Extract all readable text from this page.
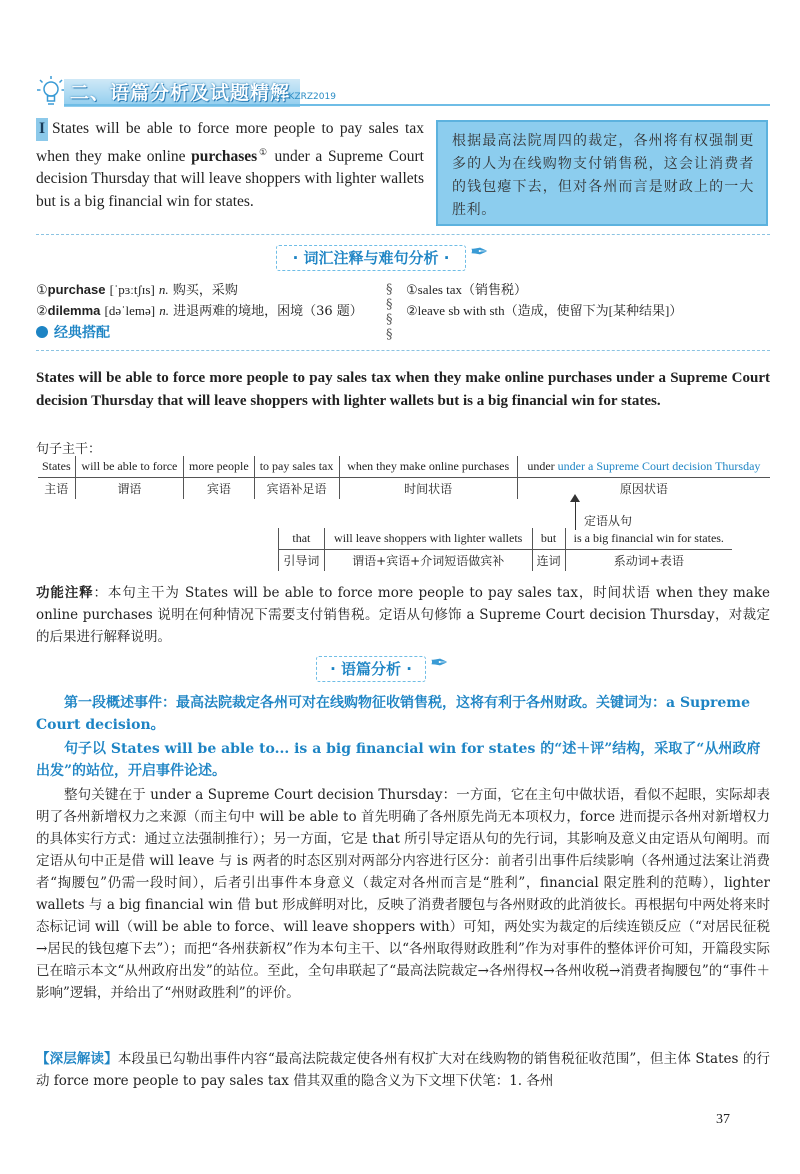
二、语篇分析及试题精解
vx: KZRZ2019
I States will be able to force more people to pay sales tax when they make online purchases① under a Supreme Court decision Thursday that will leave shoppers with lighter wallets but is a big financial win for states.
根据最高法院周四的裁定，各州将有权强制更多的人为在线购物支付销售税，这会让消费者的钱包瘪下去，但对各州而言是财政上的一大胜利。
· 词汇注释与难句分析 · ✒
①purchase [ˈpɜːtʃɪs] n. 购买，采购
②dilemma [dəˈlemə] n. 进退两难的境地，困境（36 题）
§
§
§
§
①sales tax（销售税）
②leave sb with sth（造成，使留下为[某种结果]）
经典搭配
States will be able to force more people to pay sales tax when they make online purchases under a Supreme Court decision Thursday that will leave shoppers with lighter wallets but is a big financial win for states.
句子主干：
States	will be able to force	more people	to pay sales tax	when they make online purchases	under under a Supreme Court decision Thursday
主语	谓语	宾语	宾语补足语	时间状语	原因状语
定语从句
that	will leave shoppers with lighter wallets	but	is a big financial win for states.
引导词	谓语+宾语+介词短语做宾补	连词	系动词+表语
功能注释：本句主干为 States will be able to force more people to pay sales tax，时间状语 when they make online purchases 说明在何种情况下需要支付销售税。定语从句修饰 a Supreme Court decision Thursday，对裁定的后果进行解释说明。
· 语篇分析 · ✒
第一段概述事件：最高法院裁定各州可对在线购物征收销售税，这将有利于各州财政。关键词为：a Supreme Court decision。
句子以 States will be able to... is a big financial win for states 的“述＋评”结构，采取了“从州政府出发”的站位，开启事件论述。
整句关键在于 under a Supreme Court decision Thursday：一方面，它在主句中做状语，看似不起眼，实际却表明了各州新增权力之来源（而主句中 will be able to 首先明确了各州原先尚无本项权力，force 进而提示各州对新增权力的具体实行方式：通过立法强制推行）；另一方面，它是 that 所引导定语从句的先行词，其影响及意义由定语从句阐明。而定语从句中正是借 will leave 与 is 两者的时态区别对两部分内容进行区分：前者引出事件后续影响（各州通过法案让消费者“掏腰包”仍需一段时间），后者引出事件本身意义（裁定对各州而言是“胜利”，financial 限定胜利的范畴），lighter wallets 与 a big financial win 借 but 形成鲜明对比，反映了消费者腰包与各州财政的此消彼长。再根据句中两处将来时态标记词 will（will be able to force、will leave shoppers with）可知，两处实为裁定的后续连锁反应（“对居民征税→居民的钱包瘪下去”）；而把“各州获新权”作为本句主干、以“各州取得财政胜利”作为对事件的整体评价可知，开篇段实际已在暗示本文“从州政府出发”的站位。至此，全句串联起了“最高法院裁定→各州得权→各州收税→消费者掏腰包”的“事件＋影响”逻辑，并给出了“州财政胜利”的评价。
【深层解读】本段虽已勾勒出事件内容“最高法院裁定使各州有权扩大对在线购物的销售税征收范围”，但主体 States 的行动 force more people to pay sales tax 借其双重的隐含义为下文埋下伏笔：1. 各州
37
